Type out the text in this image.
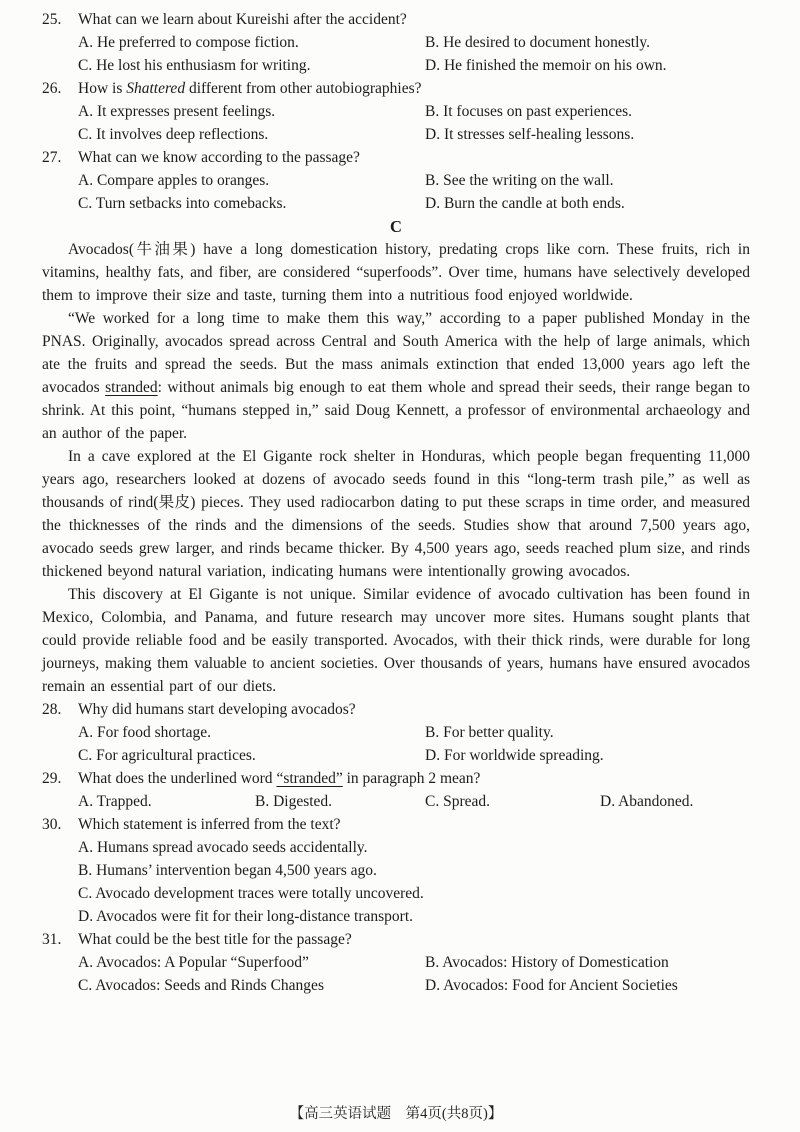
25.	What can we learn about Kureishi after the accident?
A. He preferred to compose fiction.	B. He desired to document honestly.
C. He lost his enthusiasm for writing.	D. He finished the memoir on his own.
26.	How is Shattered different from other autobiographies?
A. It expresses present feelings.	B. It focuses on past experiences.
C. It involves deep reflections.	D. It stresses self-healing lessons.
27.	What can we know according to the passage?
A. Compare apples to oranges.	B. See the writing on the wall.
C. Turn setbacks into comebacks.	D. Burn the candle at both ends.
C
Avocados(牛油果) have a long domestication history, predating crops like corn. These fruits, rich in vitamins, healthy fats, and fiber, are considered “superfoods”. Over time, humans have selectively developed them to improve their size and taste, turning them into a nutritious food enjoyed worldwide.
“We worked for a long time to make them this way,” according to a paper published Monday in the PNAS. Originally, avocados spread across Central and South America with the help of large animals, which ate the fruits and spread the seeds. But the mass animals extinction that ended 13,000 years ago left the avocados stranded: without animals big enough to eat them whole and spread their seeds, their range began to shrink. At this point, “humans stepped in,” said Doug Kennett, a professor of environmental archaeology and an author of the paper.
In a cave explored at the El Gigante rock shelter in Honduras, which people began frequenting 11,000 years ago, researchers looked at dozens of avocado seeds found in this “long-term trash pile,” as well as thousands of rind(果皮) pieces. They used radiocarbon dating to put these scraps in time order, and measured the thicknesses of the rinds and the dimensions of the seeds. Studies show that around 7,500 years ago, avocado seeds grew larger, and rinds became thicker. By 4,500 years ago, seeds reached plum size, and rinds thickened beyond natural variation, indicating humans were intentionally growing avocados.
This discovery at El Gigante is not unique. Similar evidence of avocado cultivation has been found in Mexico, Colombia, and Panama, and future research may uncover more sites. Humans sought plants that could provide reliable food and be easily transported. Avocados, with their thick rinds, were durable for long journeys, making them valuable to ancient societies. Over thousands of years, humans have ensured avocados remain an essential part of our diets.
28.	Why did humans start developing avocados?
A. For food shortage.	B. For better quality.
C. For agricultural practices.	D. For worldwide spreading.
29.	What does the underlined word “stranded” in paragraph 2 mean?
A. Trapped.	B. Digested.	C. Spread.	D. Abandoned.
30.	Which statement is inferred from the text?
A. Humans spread avocado seeds accidentally.
B. Humans’ intervention began 4,500 years ago.
C. Avocado development traces were totally uncovered.
D. Avocados were fit for their long-distance transport.
31.	What could be the best title for the passage?
A. Avocados: A Popular “Superfood”	B. Avocados: History of Domestication
C. Avocados: Seeds and Rinds Changes	D. Avocados: Food for Ancient Societies
【高三英语试题　第4页(共8页)】
